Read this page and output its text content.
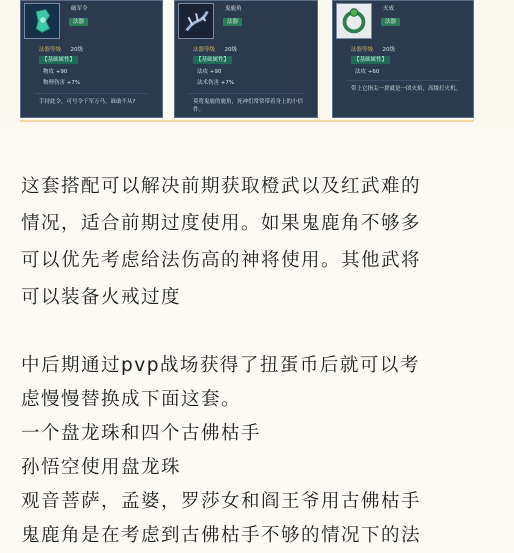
破军令
法器
法器等级 20级
【基础属性】
物攻 +90
物理伤害 +7%
手持此令，可号令千军万马，谁敢不从?
鬼鹿角
法器
法器等级 20级
【基础属性】
法攻 +90
法术伤害 +7%
莫将鬼鹿的鹿角，死神们常常带着身上的小信件。
火戒
法器
法器等级 20级
【基础属性】
法攻 +60
带上它指尖一搓就是一团火焰，高级打火机。
这套搭配可以解决前期获取橙武以及红武难的
情况，适合前期过度使用。如果鬼鹿角不够多
可以优先考虑给法伤高的神将使用。其他武将
可以装备火戒过度
中后期通过pvp战场获得了扭蛋币后就可以考
虑慢慢替换成下面这套。
一个盘龙珠和四个古佛枯手
孙悟空使用盘龙珠
观音菩萨，孟婆，罗莎女和阎王爷用古佛枯手
鬼鹿角是在考虑到古佛枯手不够的情况下的法
